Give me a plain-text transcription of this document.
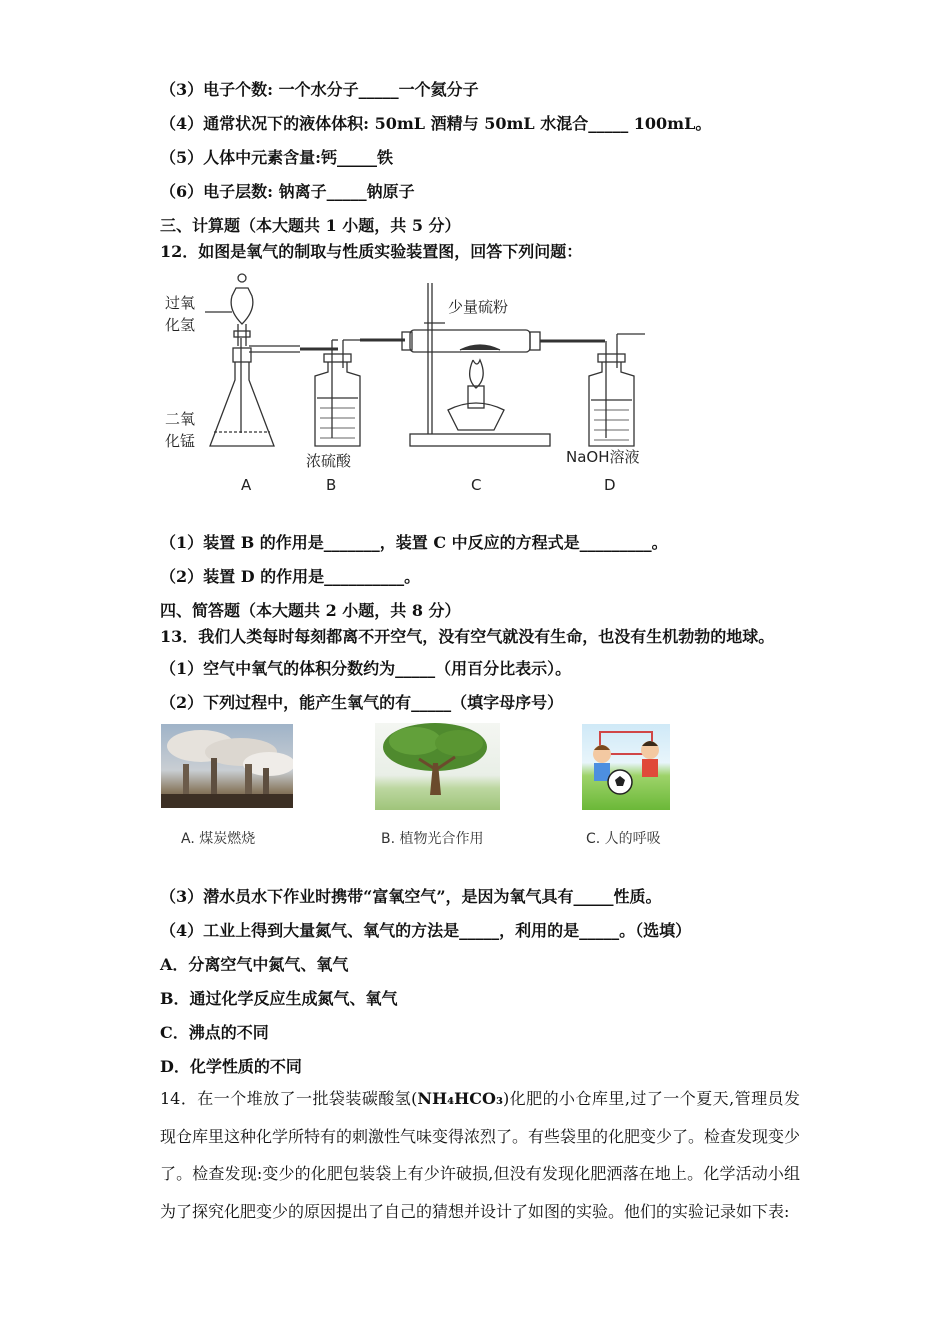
（3）电子个数: 一个水分子_____一个氦分子
（4）通常状况下的液体体积: 50mL 酒精与 50mL 水混合_____ 100mL。
（5）人体中元素含量:钙_____铁
（6）电子层数: 钠离子_____钠原子
三、计算题（本大题共 1 小题，共 5 分）
12．如图是氧气的制取与性质实验装置图，回答下列问题：
过氧
化氢
二氧
化锰
少量硫粉
浓硫酸	NaOH溶液
A	B	C	D
（1）装置 B 的作用是_______，装置 C 中反应的方程式是_________。
（2）装置 D 的作用是__________。
四、简答题（本大题共 2 小题，共 8 分）
13．我们人类每时每刻都离不开空气，没有空气就没有生命，也没有生机勃勃的地球。
（1）空气中氧气的体积分数约为_____（用百分比表示）。
（2）下列过程中，能产生氧气的有_____（填字母序号）
A. 煤炭燃烧	B. 植物光合作用	C. 人的呼吸
（3）潜水员水下作业时携带“富氧空气”，是因为氧气具有_____性质。
（4）工业上得到大量氮气、氧气的方法是_____，利用的是_____。（选填）
A．分离空气中氮气、氧气
B．通过化学反应生成氮气、氧气
C．沸点的不同
D．化学性质的不同
14．在一个堆放了一批袋装碳酸氢(NH₄HCO₃)化肥的小仓库里,过了一个夏天,管理员发现仓库里这种化学所特有的刺激性气味变得浓烈了。有些袋里的化肥变少了。检查发现变少了。检查发现:变少的化肥包装袋上有少许破损,但没有发现化肥洒落在地上。化学活动小组为了探究化肥变少的原因提出了自己的猜想并设计了如图的实验。他们的实验记录如下表:
